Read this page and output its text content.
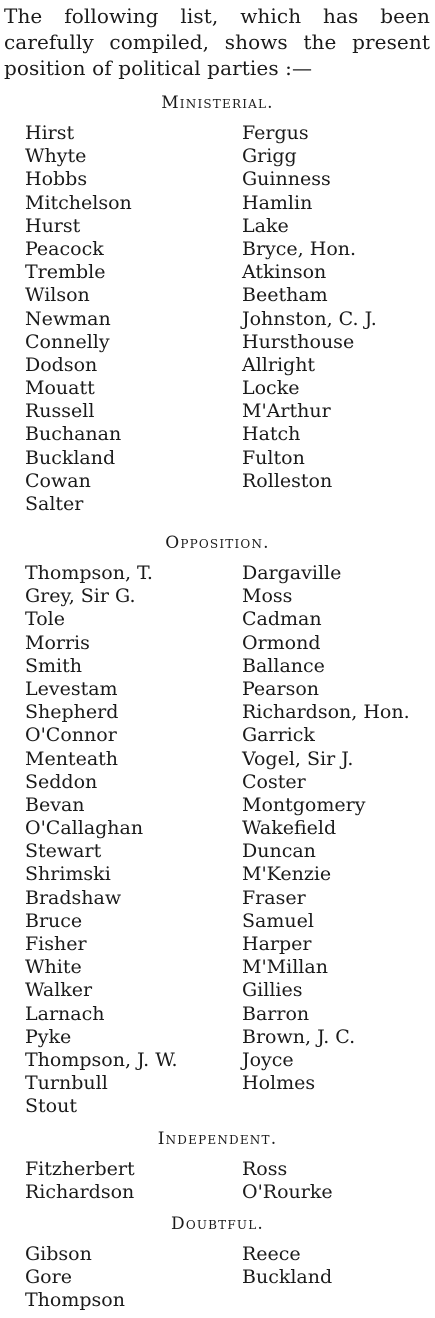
The following list, which has been carefully compiled, shows the present position of political parties :—
Ministerial.
Hirst
Whyte
Hobbs
Mitchelson
Hurst
Peacock
Tremble
Wilson
Newman
Connelly
Dodson
Mouatt
Russell
Buchanan
Buckland
Cowan
Salter
Fergus
Grigg
Guinness
Hamlin
Lake
Bryce, Hon.
Atkinson
Beetham
Johnston, C. J.
Hursthouse
Allright
Locke
M'Arthur
Hatch
Fulton
Rolleston
Opposition.
Thompson, T.
Grey, Sir G.
Tole
Morris
Smith
Levestam
Shepherd
O'Connor
Menteath
Seddon
Bevan
O'Callaghan
Stewart
Shrimski
Bradshaw
Bruce
Fisher
White
Walker
Larnach
Pyke
Thompson, J. W.
Turnbull
Stout
Dargaville
Moss
Cadman
Ormond
Ballance
Pearson
Richardson, Hon.
Garrick
Vogel, Sir J.
Coster
Montgomery
Wakefield
Duncan
M'Kenzie
Fraser
Samuel
Harper
M'Millan
Gillies
Barron
Brown, J. C.
Joyce
Holmes
Independent.
Fitzherbert
Richardson
Ross
O'Rourke
Doubtful.
Gibson
Gore
Thompson
Reece
Buckland
